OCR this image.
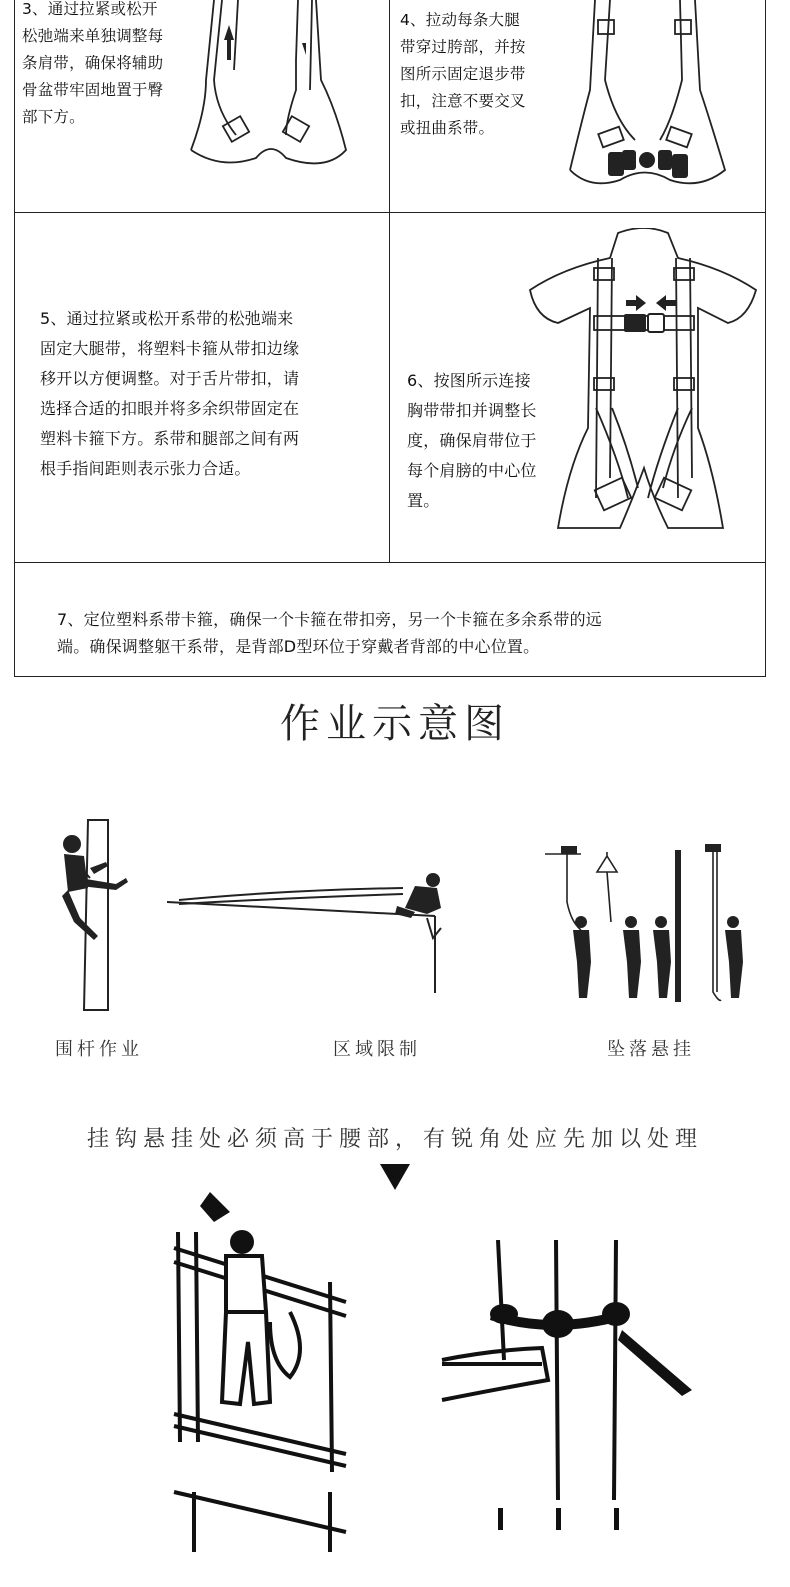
3、通过拉紧或松开
松弛端来单独调整每
条肩带，确保将辅助
骨盆带牢固地置于臀
部下方。
4、拉动每条大腿
带穿过胯部，并按
图所示固定退步带
扣，注意不要交叉
或扭曲系带。
5、通过拉紧或松开系带的松弛端来
固定大腿带，将塑料卡箍从带扣边缘
移开以方便调整。对于舌片带扣，请
选择合适的扣眼并将多余织带固定在
塑料卡箍下方。系带和腿部之间有两
根手指间距则表示张力合适。
6、按图所示连接
胸带带扣并调整长
度，确保肩带位于
每个肩膀的中心位
置。
7、定位塑料系带卡箍，确保一个卡箍在带扣旁，另一个卡箍在多余系带的远
端。确保调整躯干系带，是背部D型环位于穿戴者背部的中心位置。
作业示意图
围杆作业	区域限制	坠落悬挂
挂钩悬挂处必须高于腰部，有锐角处应先加以处理
